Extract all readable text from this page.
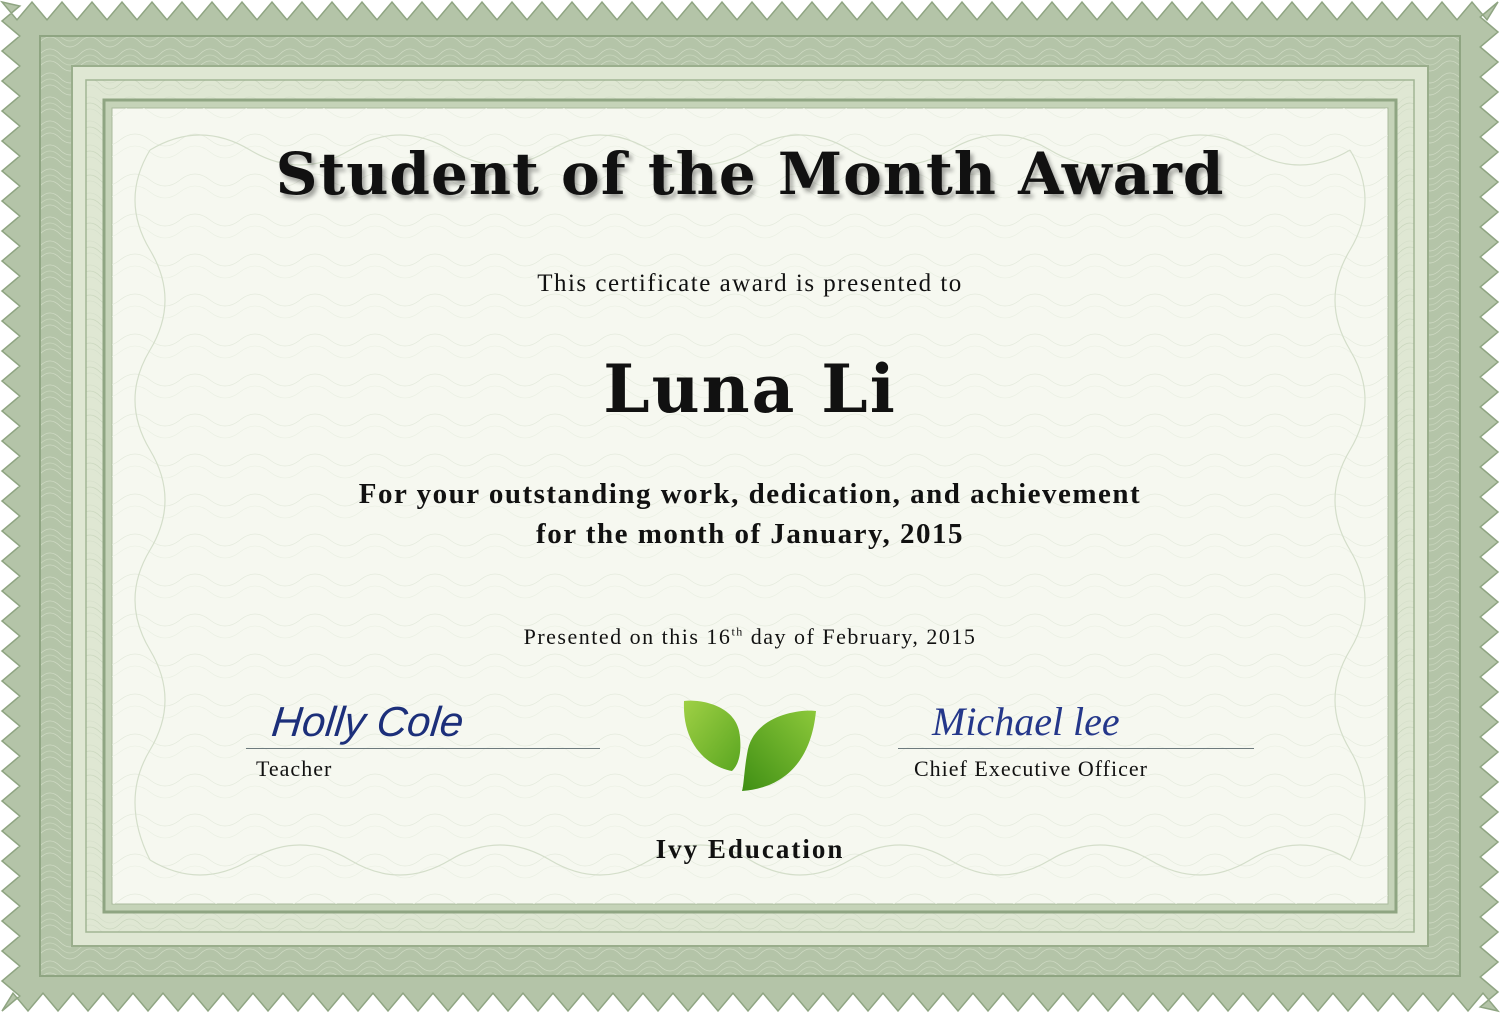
Student of the Month Award
This certificate award is presented to
Luna Li
For your outstanding work, dedication, and achievement
for the month of January, 2015
Presented on this 16th day of February, 2015
Holly Cole
Teacher
Michael lee
Chief Executive Officer
Ivy Education
